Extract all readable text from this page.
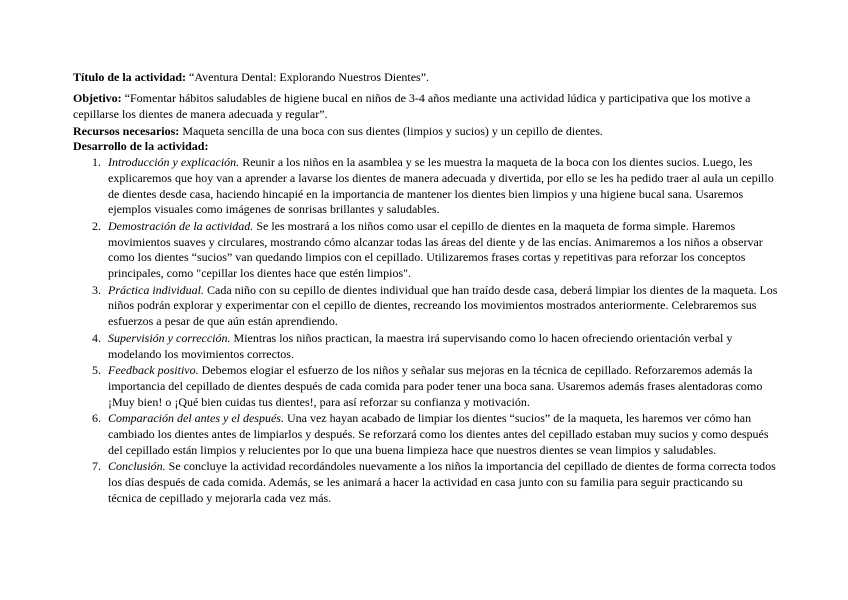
Título de la actividad: “Aventura Dental: Explorando Nuestros Dientes”.

Objetivo: “Fomentar hábitos saludables de higiene bucal en niños de 3-4 años mediante una actividad lúdica y participativa que los motive a cepillarse los dientes de manera adecuada y regular”.

Recursos necesarios: Maqueta sencilla de una boca con sus dientes (limpios y sucios) y un cepillo de dientes.

Desarrollo de la actividad:

1. Introducción y explicación. Reunir a los niños en la asamblea y se les muestra la maqueta de la boca con los dientes sucios. Luego, les explicaremos que hoy van a aprender a lavarse los dientes de manera adecuada y divertida, por ello se les ha pedido traer al aula un cepillo de dientes desde casa, haciendo hincapié en la importancia de mantener los dientes bien limpios y una higiene bucal sana. Usaremos ejemplos visuales como imágenes de sonrisas brillantes y saludables.

2. Demostración de la actividad. Se les mostrará a los niños como usar el cepillo de dientes en la maqueta de forma simple. Haremos movimientos suaves y circulares, mostrando cómo alcanzar todas las áreas del diente y de las encías. Animaremos a los niños a observar como los dientes “sucios” van quedando limpios con el cepillado. Utilizaremos frases cortas y repetitivas para reforzar los conceptos principales, como "cepillar los dientes hace que estén limpios".

3. Práctica individual. Cada niño con su cepillo de dientes individual que han traído desde casa, deberá limpiar los dientes de la maqueta. Los niños podrán explorar y experimentar con el cepillo de dientes, recreando los movimientos mostrados anteriormente. Celebraremos sus esfuerzos a pesar de que aún están aprendiendo.

4. Supervisión y corrección. Mientras los niños practican, la maestra irá supervisando como lo hacen ofreciendo orientación verbal y modelando los movimientos correctos.

5. Feedback positivo. Debemos elogiar el esfuerzo de los niños y señalar sus mejoras en la técnica de cepillado. Reforzaremos además la importancia del cepillado de dientes después de cada comida para poder tener una boca sana. Usaremos además frases alentadoras como ¡Muy bien! o ¡Qué bien cuidas tus dientes!, para así reforzar su confianza y motivación.

6. Comparación del antes y el después. Una vez hayan acabado de limpiar los dientes “sucios” de la maqueta, les haremos ver cómo han cambiado los dientes antes de limpiarlos y después. Se reforzará como los dientes antes del cepillado estaban muy sucios y como después del cepillado están limpios y relucientes por lo que una buena limpieza hace que nuestros dientes se vean limpios y saludables.

7. Conclusión. Se concluye la actividad recordándoles nuevamente a los niños la importancia del cepillado de dientes de forma correcta todos los días después de cada comida. Además, se les animará a hacer la actividad en casa junto con su familia para seguir practicando su técnica de cepillado y mejorarla cada vez más.
